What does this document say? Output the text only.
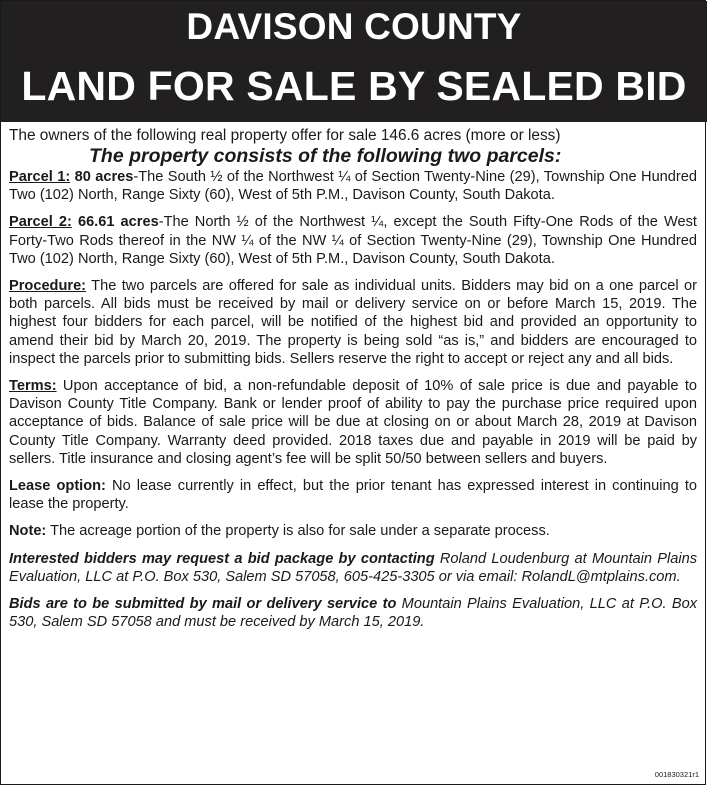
DAVISON COUNTY
LAND FOR SALE BY SEALED BID

The owners of the following real property offer for sale 146.6 acres (more or less)

The property consists of the following two parcels:

Parcel 1: 80 acres-The South ½ of the Northwest ¼ of Section Twenty-Nine (29), Township One Hundred Two (102) North, Range Sixty (60), West of 5th P.M., Davison County, South Dakota.

Parcel 2: 66.61 acres-The North ½ of the Northwest ¼, except the South Fifty-One Rods of the West Forty-Two Rods thereof in the NW ¼ of the NW ¼ of Section Twenty-Nine (29), Township One Hundred Two (102) North, Range Sixty (60), West of 5th P.M., Davison County, South Dakota.

Procedure: The two parcels are offered for sale as individual units. Bidders may bid on a one parcel or both parcels. All bids must be received by mail or delivery service on or before March 15, 2019. The highest four bidders for each parcel, will be notified of the highest bid and provided an opportunity to amend their bid by March 20, 2019. The property is being sold “as is,” and bidders are encouraged to inspect the parcels prior to submitting bids. Sellers reserve the right to accept or reject any and all bids.

Terms: Upon acceptance of bid, a non-refundable deposit of 10% of sale price is due and payable to Davison County Title Company. Bank or lender proof of ability to pay the purchase price required upon acceptance of bids. Balance of sale price will be due at closing on or about March 28, 2019 at Davison County Title Company. Warranty deed provided. 2018 taxes due and payable in 2019 will be paid by sellers. Title insurance and closing agent’s fee will be split 50/50 between sellers and buyers.

Lease option: No lease currently in effect, but the prior tenant has expressed interest in continuing to lease the property.

Note: The acreage portion of the property is also for sale under a separate process.

Interested bidders may request a bid package by contacting Roland Loudenburg at Mountain Plains Evaluation, LLC at P.O. Box 530, Salem SD 57058, 605-425-3305 or via email: RolandL@mtplains.com.

Bids are to be submitted by mail or delivery service to Mountain Plains Evaluation, LLC at P.O. Box 530, Salem SD 57058 and must be received by March 15, 2019.

001830321r1
